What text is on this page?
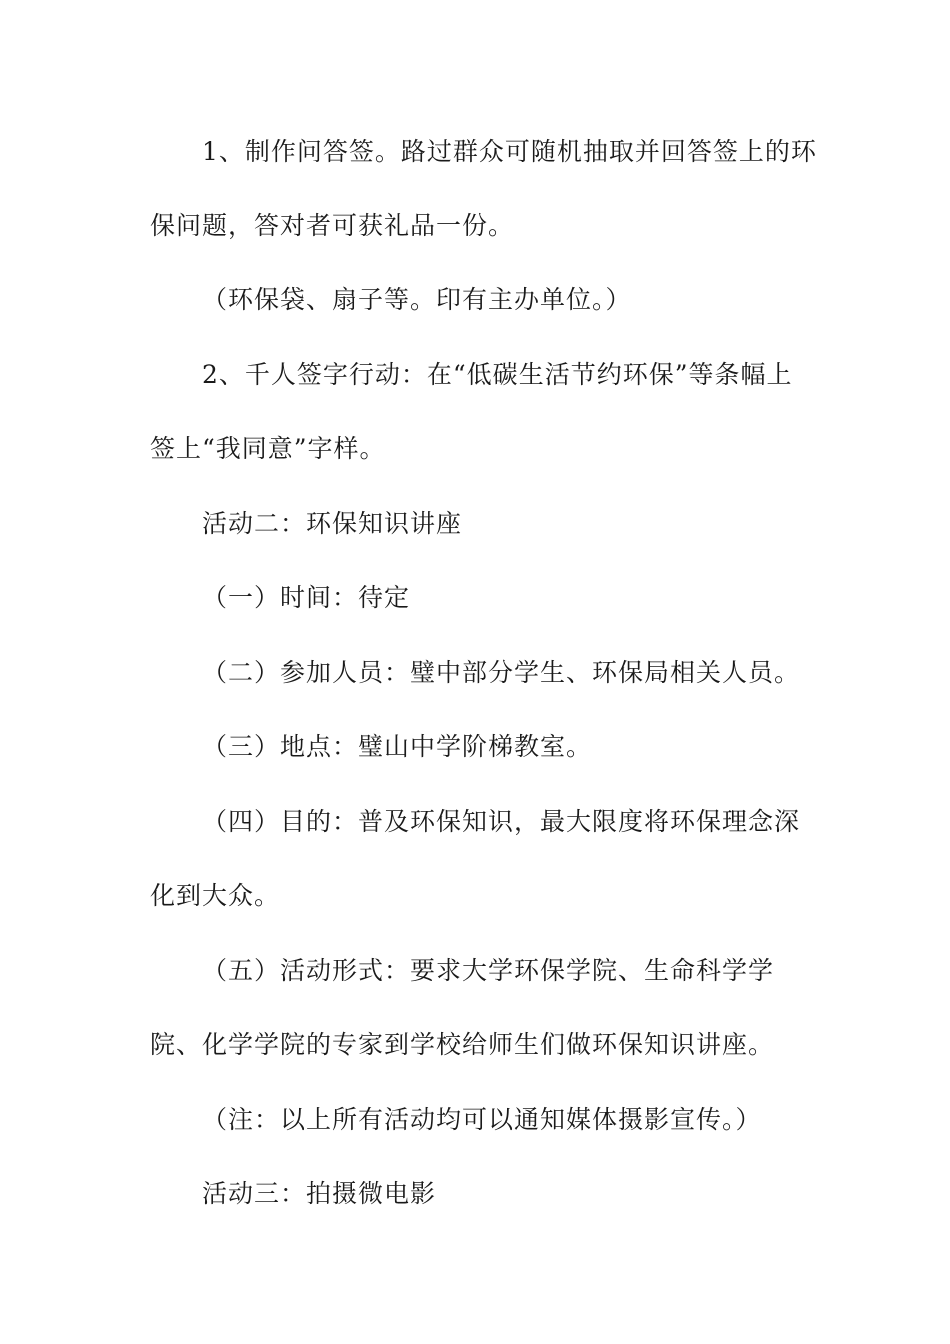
1、制作问答签。路过群众可随机抽取并回答签上的环
保问题，答对者可获礼品一份。
（环保袋、扇子等。印有主办单位。）
2、千人签字行动：在“低碳生活节约环保”等条幅上
签上“我同意”字样。
活动二：环保知识讲座
（一）时间：待定
（二）参加人员：璧中部分学生、环保局相关人员。
（三）地点：璧山中学阶梯教室。
（四）目的：普及环保知识，最大限度将环保理念深
化到大众。
（五）活动形式：要求大学环保学院、生命科学学
院、化学学院的专家到学校给师生们做环保知识讲座。
（注：以上所有活动均可以通知媒体摄影宣传。）
活动三：拍摄微电影
